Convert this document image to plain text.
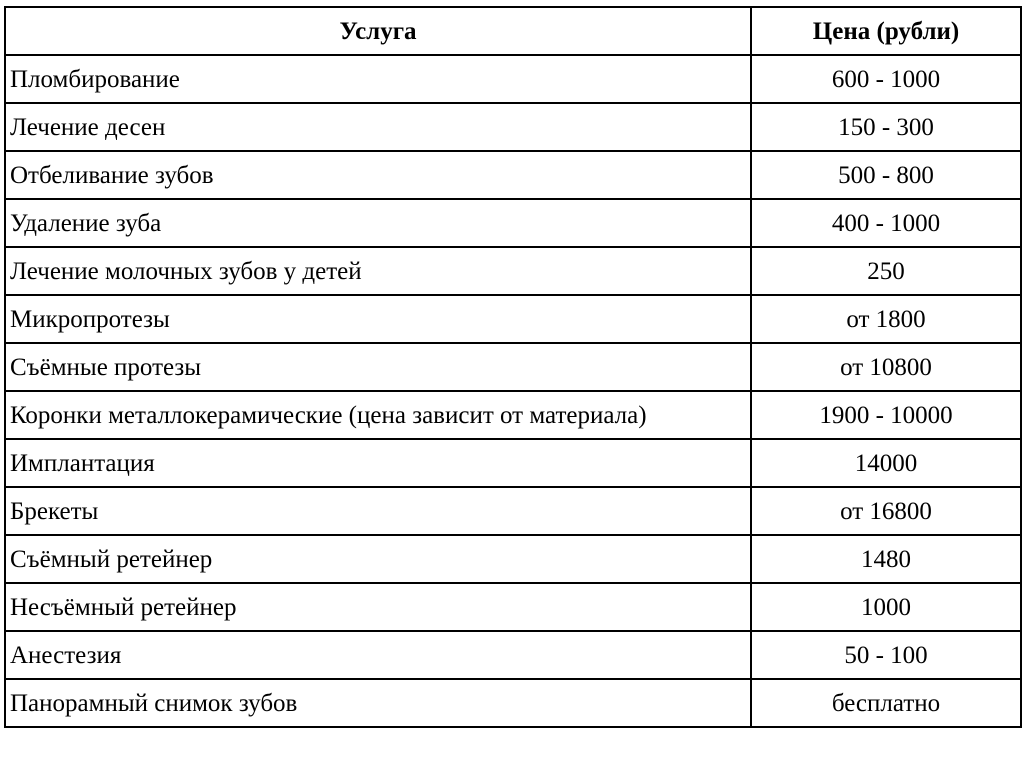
Услуга	Цена (рубли)
Пломбирование	600 - 1000
Лечение десен	150 - 300
Отбеливание зубов	500 - 800
Удаление зуба	400 - 1000
Лечение молочных зубов у детей	250
Микропротезы	от 1800
Съёмные протезы	от 10800
Коронки металлокерамические (цена зависит от материала)	1900 - 10000
Имплантация	14000
Брекеты	от 16800
Съёмный ретейнер	1480
Несъёмный ретейнер	1000
Анестезия	50 - 100
Панорамный снимок зубов	бесплатно
